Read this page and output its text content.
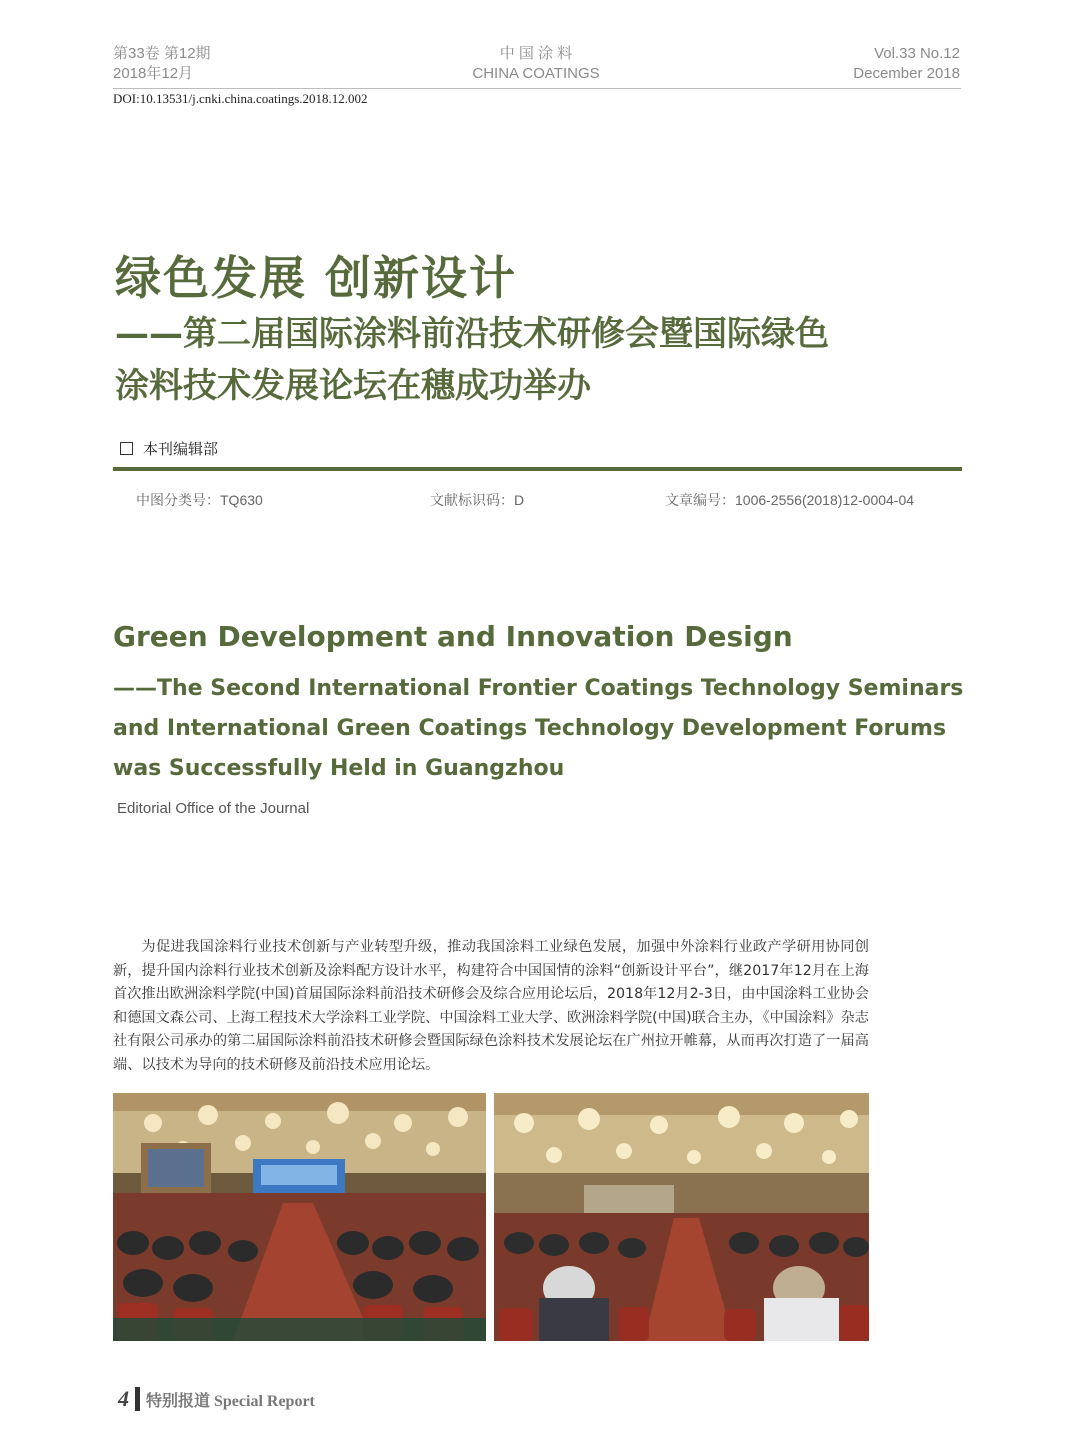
第33卷 第12期
2018年12月
中 国 涂 料
CHINA COATINGS
Vol.33 No.12
December 2018
DOI:10.13531/j.cnki.china.coatings.2018.12.002
绿色发展 创新设计
——第二届国际涂料前沿技术研修会暨国际绿色
涂料技术发展论坛在穗成功举办
本刊编辑部
中图分类号：TQ630	文献标识码：D	文章编号：1006-2556(2018)12-0004-04
Green Development and Innovation Design
——The Second International Frontier Coatings Technology Seminars
and International Green Coatings Technology Development Forums
was Successfully Held in Guangzhou
Editorial Office of the Journal
为促进我国涂料行业技术创新与产业转型升级，推动我国涂料工业绿色发展，加强中外涂料行业政产学研用协同创新，提升国内涂料行业技术创新及涂料配方设计水平，构建符合中国国情的涂料“创新设计平台”，继2017年12月在上海首次推出欧洲涂料学院(中国)首届国际涂料前沿技术研修会及综合应用论坛后，2018年12月2-3日，由中国涂料工业协会和德国文森公司、上海工程技术大学涂料工业学院、中国涂料工业大学、欧洲涂料学院(中国)联合主办，《中国涂料》杂志社有限公司承办的第二届国际涂料前沿技术研修会暨国际绿色涂料技术发展论坛在广州拉开帷幕，从而再次打造了一届高端、以技术为导向的技术研修及前沿技术应用论坛。
4 特别报道 Special Report
